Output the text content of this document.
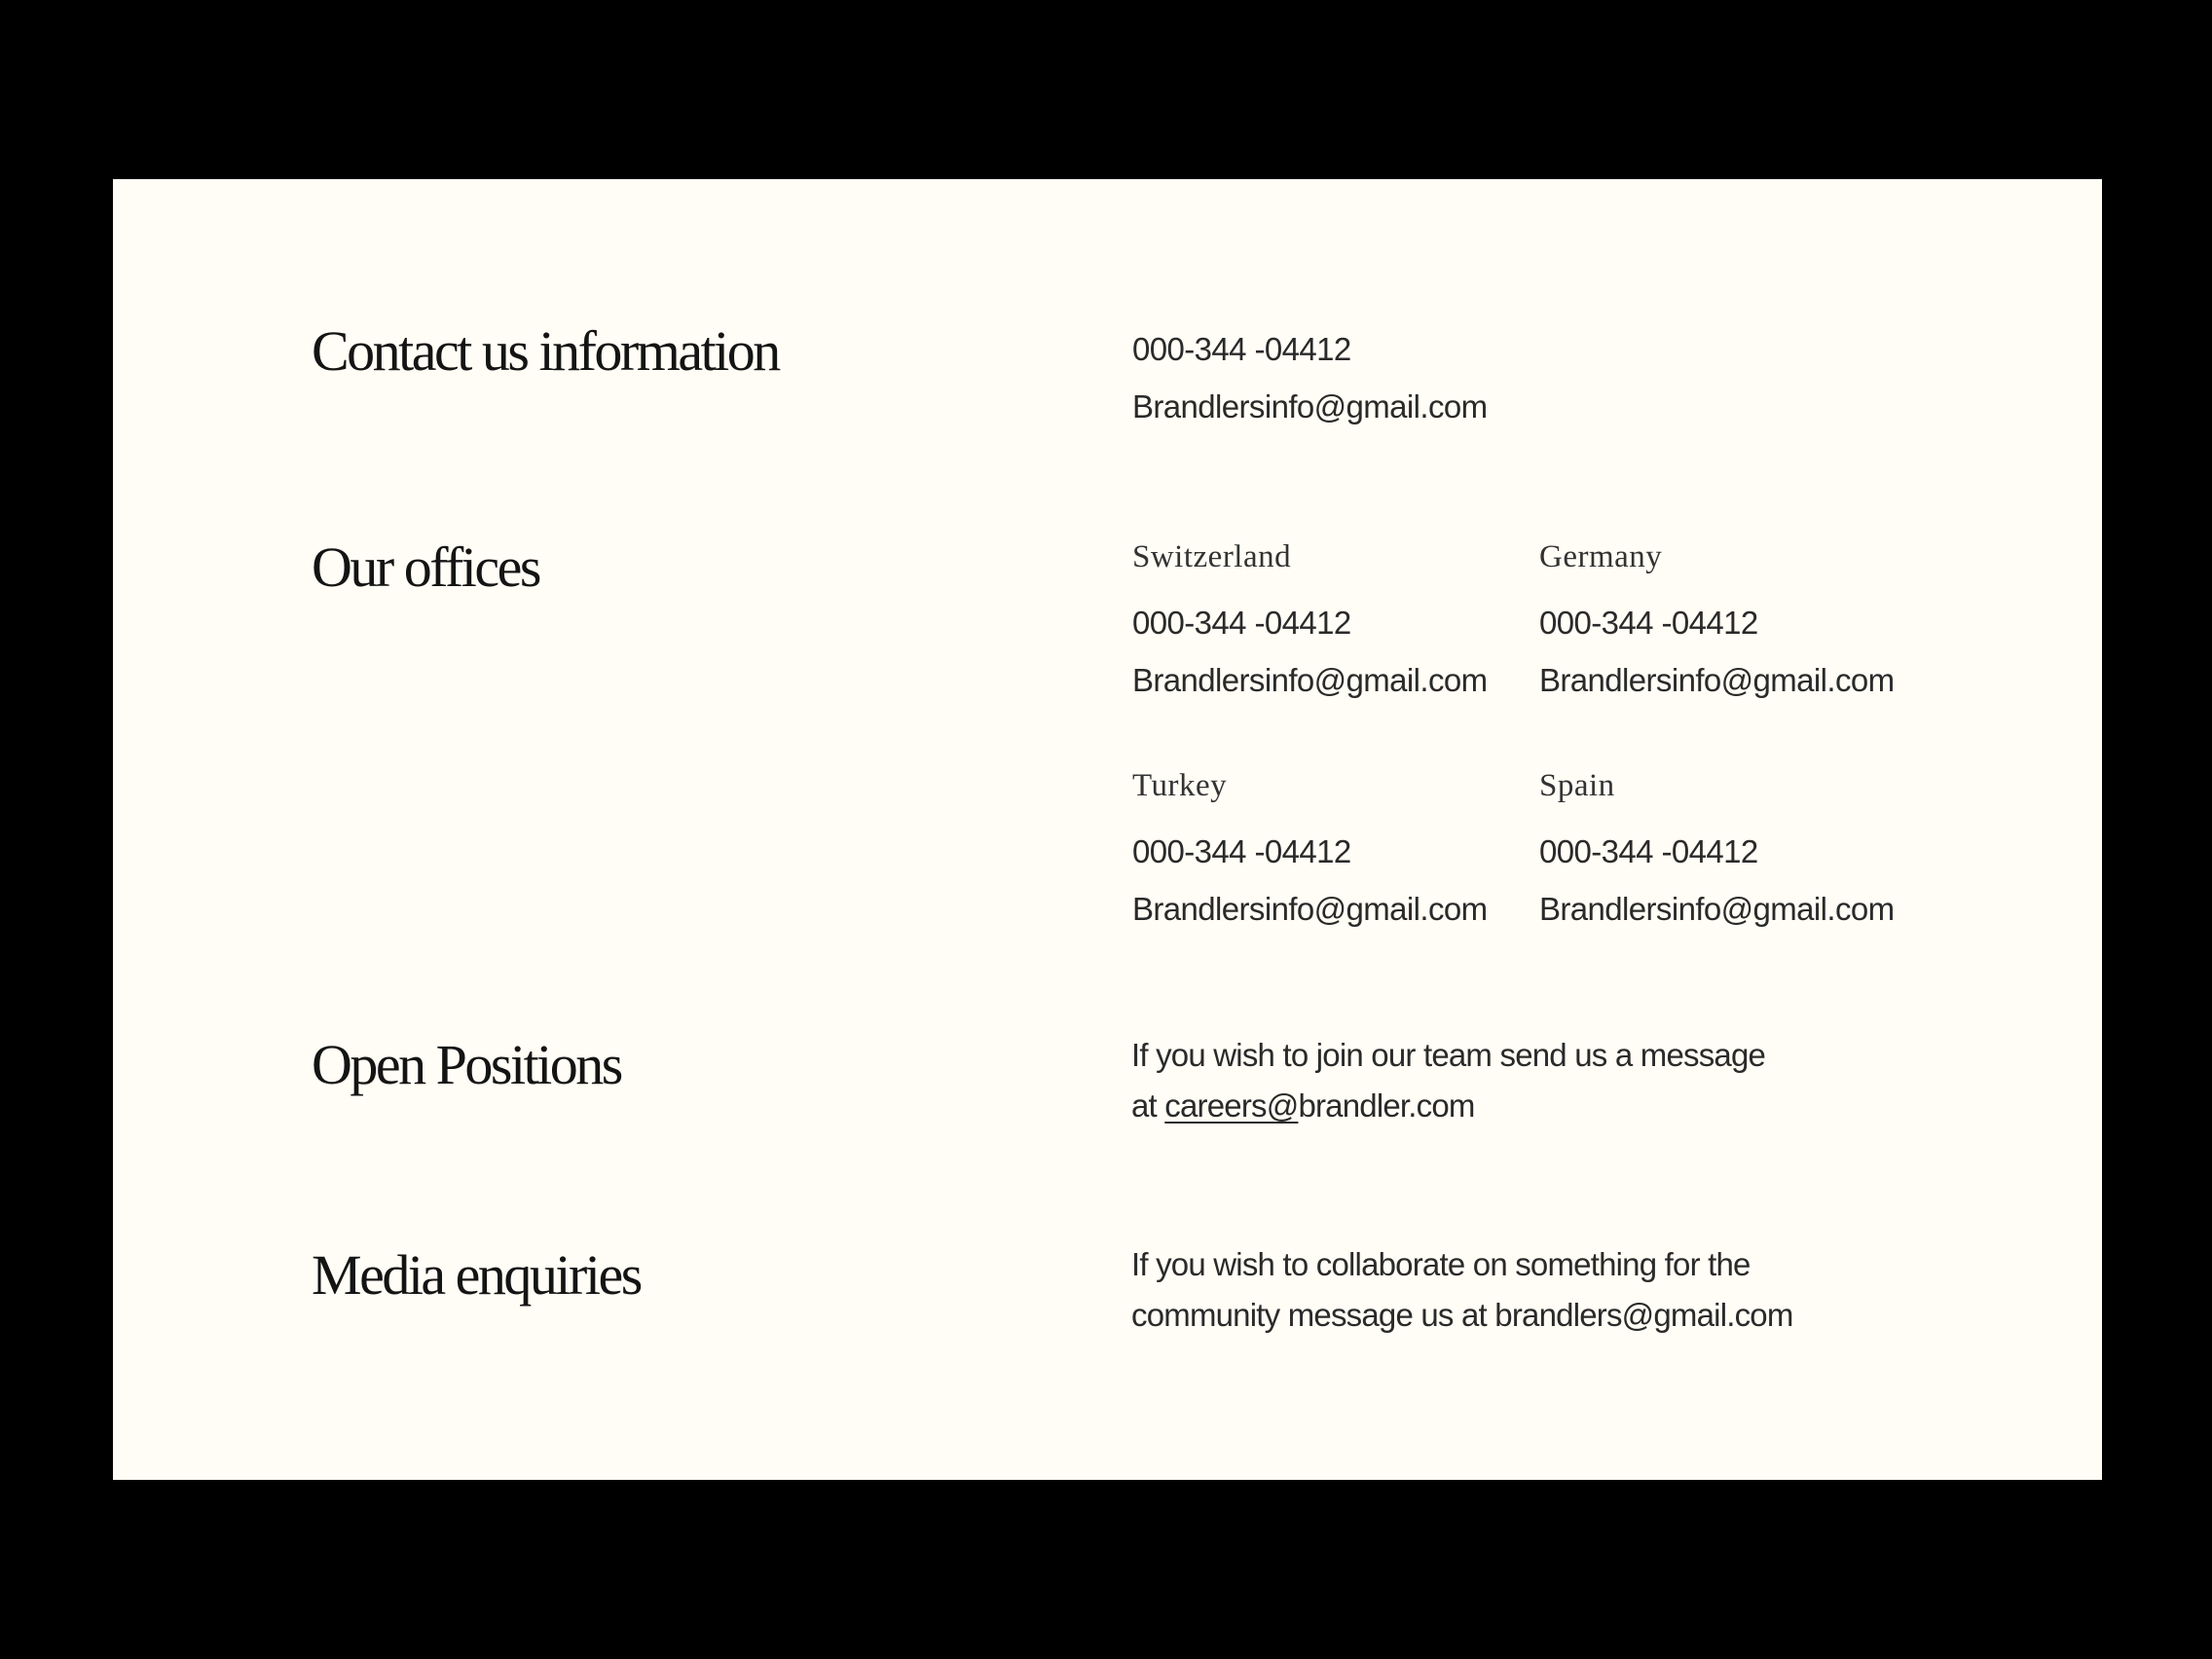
Contact us information	000-344 -04412

Brandlersinfo@gmail.com

Our offices	Switzerland

000-344 -04412

Brandlersinfo@gmail.com

Germany

000-344 -04412

Brandlersinfo@gmail.com

Turkey

000-344 -04412

Brandlersinfo@gmail.com

Spain

000-344 -04412

Brandlersinfo@gmail.com

Open Positions	If you wish to join our team send us a message
at careers@brandler.com

Media enquiries	If you wish to collaborate on something for the
community message us at brandlers@gmail.com
